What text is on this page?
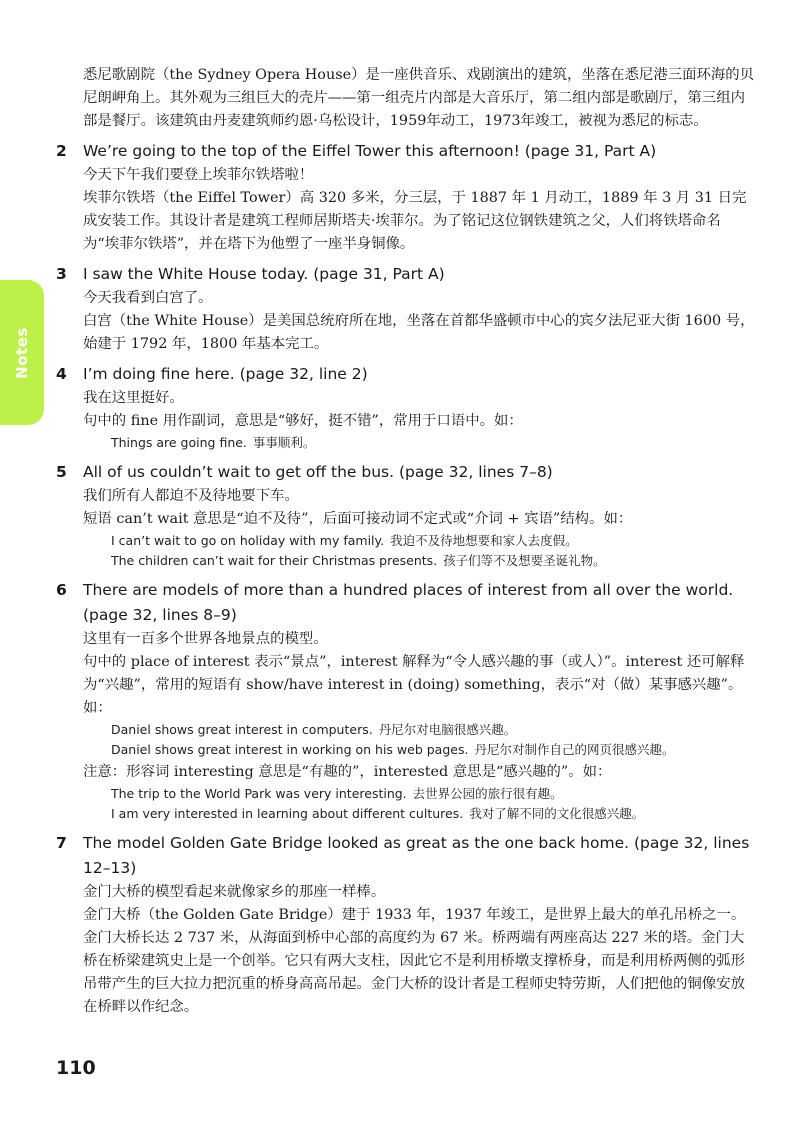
Notes

悉尼歌剧院（the Sydney Opera House）是一座供音乐、戏剧演出的建筑，坐落在悉尼港三面环海的贝尼朗岬角上。其外观为三组巨大的壳片——第一组壳片内部是大音乐厅，第二组内部是歌剧厅，第三组内部是餐厅。该建筑由丹麦建筑师约恩·乌松设计，1959年动工，1973年竣工，被视为悉尼的标志。

2	We’re going to the top of the Eiffel Tower this afternoon! (page 31, Part A)

今天下午我们要登上埃菲尔铁塔啦！

埃菲尔铁塔（the Eiffel Tower）高 320 多米，分三层，于 1887 年 1 月动工，1889 年 3 月 31 日完成安装工作。其设计者是建筑工程师居斯塔夫·埃菲尔。为了铭记这位钢铁建筑之父，人们将铁塔命名为“埃菲尔铁塔”，并在塔下为他塑了一座半身铜像。

3	I saw the White House today. (page 31, Part A)

今天我看到白宫了。

白宫（the White House）是美国总统府所在地，坐落在首都华盛顿市中心的宾夕法尼亚大街 1600 号，始建于 1792 年，1800 年基本完工。

4	I’m doing fine here. (page 32, line 2)

我在这里挺好。

句中的 fine 用作副词，意思是“够好，挺不错”，常用于口语中。如：

Things are going fine. 事事顺利。
5	All of us couldn’t wait to get off the bus. (page 32, lines 7–8)

我们所有人都迫不及待地要下车。

短语 can’t wait 意思是“迫不及待”，后面可接动词不定式或“介词 + 宾语”结构。如：

I can’t wait to go on holiday with my family. 我迫不及待地想要和家人去度假。
The children can’t wait for their Christmas presents. 孩子们等不及想要圣诞礼物。
6	There are models of more than a hundred places of interest from all over the world. (page 32, lines 8–9)

这里有一百多个世界各地景点的模型。

句中的 place of interest 表示“景点”，interest 解释为“令人感兴趣的事（或人）”。interest 还可解释为“兴趣”，常用的短语有 show/have interest in (doing) something，表示“对（做）某事感兴趣”。如：

Daniel shows great interest in computers. 丹尼尔对电脑很感兴趣。
Daniel shows great interest in working on his web pages. 丹尼尔对制作自己的网页很感兴趣。

注意：形容词 interesting 意思是“有趣的”，interested 意思是“感兴趣的”。如：

The trip to the World Park was very interesting. 去世界公园的旅行很有趣。
I am very interested in learning about different cultures. 我对了解不同的文化很感兴趣。
7	The model Golden Gate Bridge looked as great as the one back home. (page 32, lines 12–13)

金门大桥的模型看起来就像家乡的那座一样棒。

金门大桥（the Golden Gate Bridge）建于 1933 年，1937 年竣工，是世界上最大的单孔吊桥之一。金门大桥长达 2 737 米，从海面到桥中心部的高度约为 67 米。桥两端有两座高达 227 米的塔。金门大桥在桥梁建筑史上是一个创举。它只有两大支柱，因此它不是利用桥墩支撑桥身，而是利用桥两侧的弧形吊带产生的巨大拉力把沉重的桥身高高吊起。金门大桥的设计者是工程师史特劳斯，人们把他的铜像安放在桥畔以作纪念。

110
